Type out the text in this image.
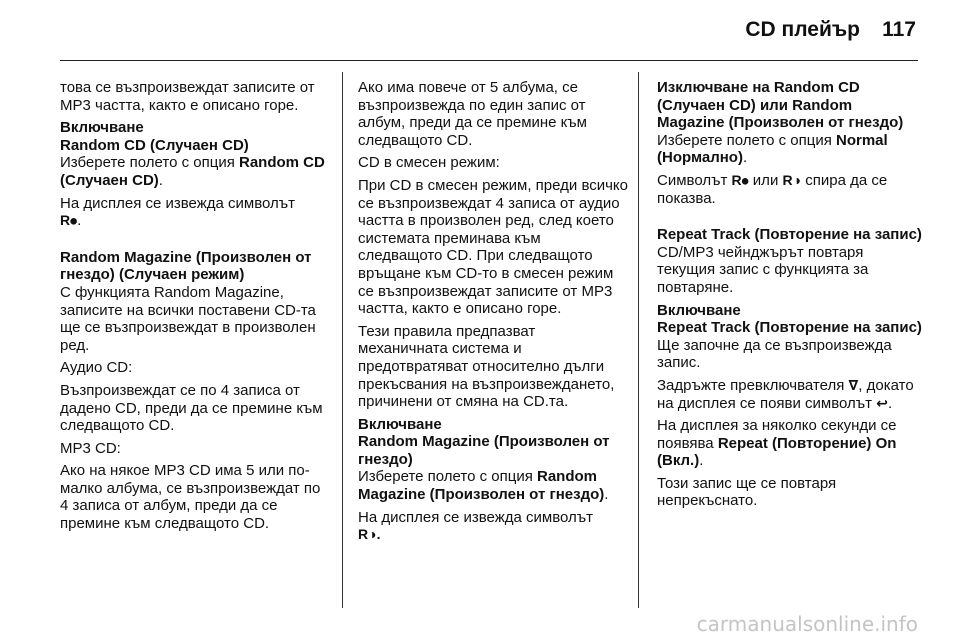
CD плейър 117

това се възпроизвеждат записите от MP3 частта, както е описано горе.

Включване
Random CD (Случаен CD)

Изберете полето с опция Random CD (Случаен CD).

На дисплея се извежда символът
R⦁.

Random Magazine (Произволен от гнездо) (Случаен режим)

С функцията Random Magazine, записите на всички поставени CD-та ще се възпроизвеждат в произволен ред.

Аудио CD:

Възпроизвеждат се по 4 записа от дадено CD, преди да се премине към следващото CD.

MP3 CD:

Ако на някое MP3 CD има 5 или по-малко албума, се възпроизвеждат по 4 записа от албум, преди да се премине към следващото CD.

Ако има повече от 5 албума, се възпроизвежда по един запис от албум, преди да се премине към следващото CD.

CD в смесен режим:

При CD в смесен режим, преди всичко се възпроизвеждат 4 записа от аудио частта в произволен ред, след което системата преминава към следващото CD. При следващото връщане към CD-то в смесен режим се възпроизвеждат записите от MP3 частта, както е описано горе.

Тези правила предпазват механичната система и предотвратяват относително дълги прекъсвания на възпроизвеждането, причинени от смяна на CD.та.

Включване
Random Magazine (Произволен от гнездо)

Изберете полето с опция Random Magazine (Произволен от гнездо).

На дисплея се извежда символът
R◑.

Изключване на Random CD (Случаен CD) или Random Magazine (Произволен от гнездо)

Изберете полето с опция Normal (Нормално).

Символът R⦁ или R◑ спира да се показва.

Repeat Track (Повторение на запис)

CD/MP3 чейнджърът повтаря текущия запис с функцията за повтаряне.

Включване
Repeat Track (Повторение на запис)

Ще започне да се възпроизвежда запис.

Задръжте превключвателя ∇, докато на дисплея се появи символът ↩.

На дисплея за няколко секунди се появява Repeat (Повторение) On (Вкл.).

Този запис ще се повтаря непрекъснато.

carmanualsonline.info
